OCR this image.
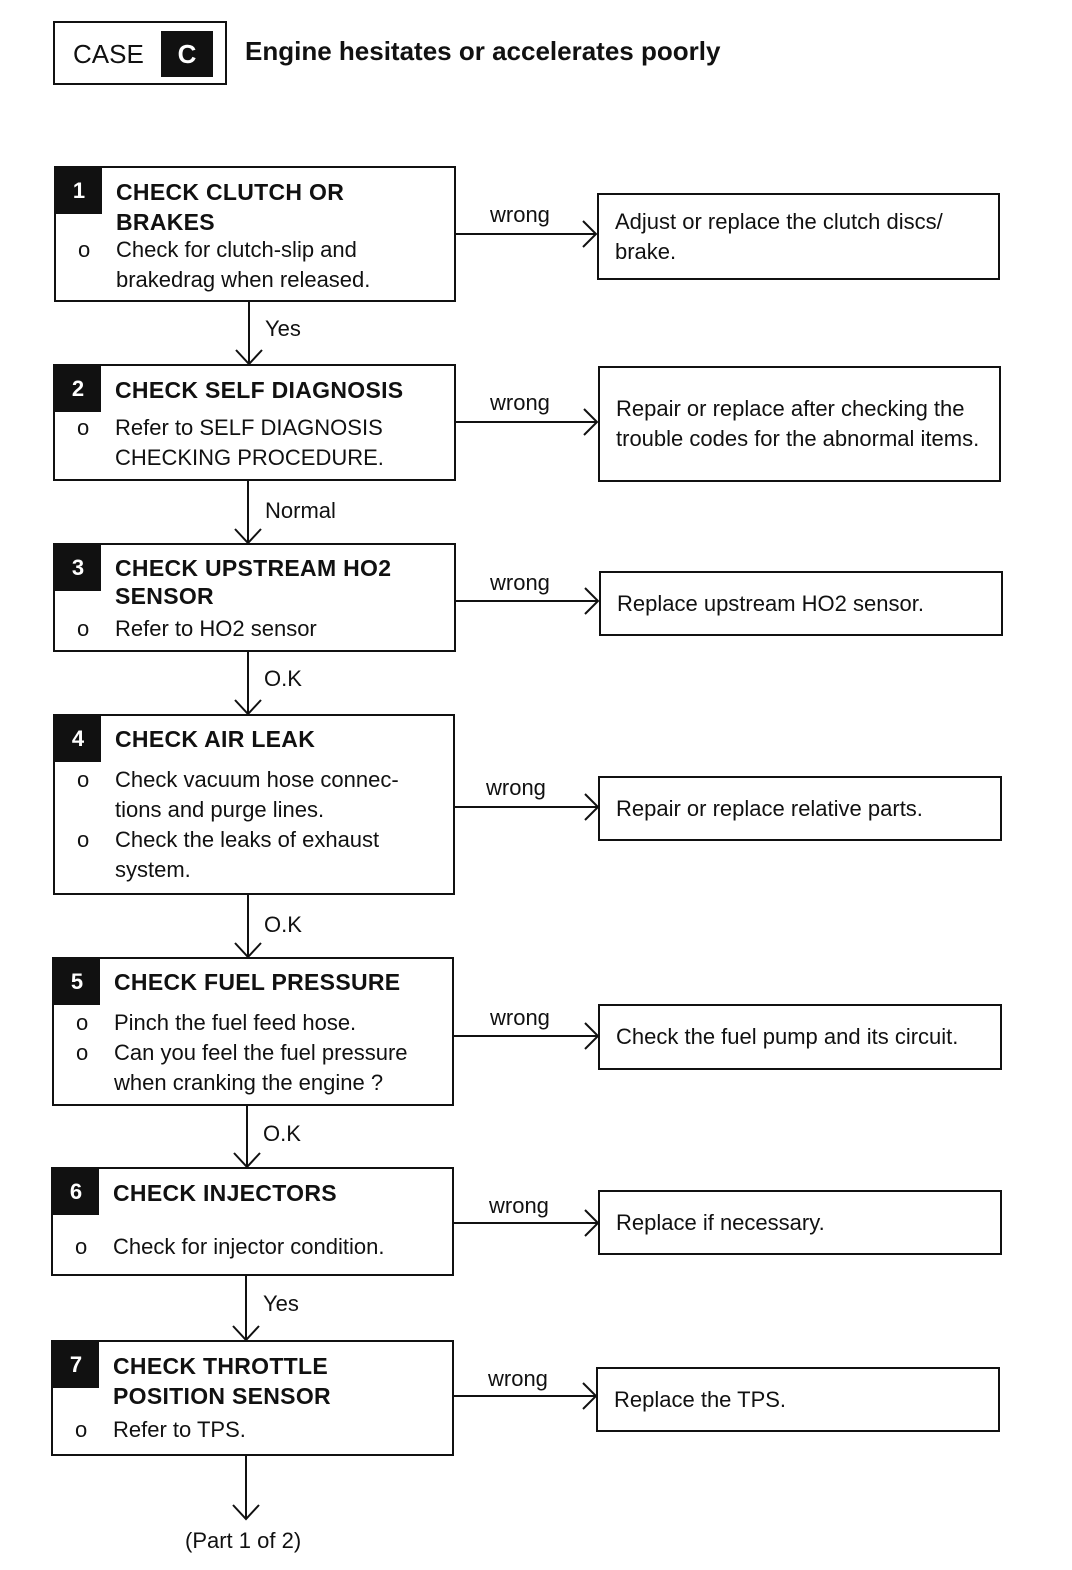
CASE	C	Engine hesitates or accelerates poorly
1	CHECK CLUTCH OR BRAKES
o Check for clutch-slip and brakedrag when released.
wrong	Adjust or replace the clutch discs/ brake.
Yes
2	CHECK SELF DIAGNOSIS
o Refer to SELF DIAGNOSIS CHECKING PROCEDURE.
wrong	Repair or replace after checking the trouble codes for the abnormal items.
Normal
3	CHECK UPSTREAM HO2 SENSOR
o Refer to HO2 sensor
wrong
Replace upstream HO2 sensor.
O.K
4	CHECK AIR LEAK
o Check vacuum hose connec-tions and purge lines.
o Check the leaks of exhaust system.
wrong
Repair or replace relative parts.
O.K
5	CHECK FUEL PRESSURE
o Pinch the fuel feed hose.
o Can you feel the fuel pressure when cranking the engine ?
wrong
Check the fuel pump and its circuit.
O.K
6	CHECK INJECTORS
o Check for injector condition.
wrong
Replace if necessary.
Yes
7	CHECK THROTTLE POSITION SENSOR
o Refer to TPS.
wrong
Replace the TPS.
(Part 1 of 2)
